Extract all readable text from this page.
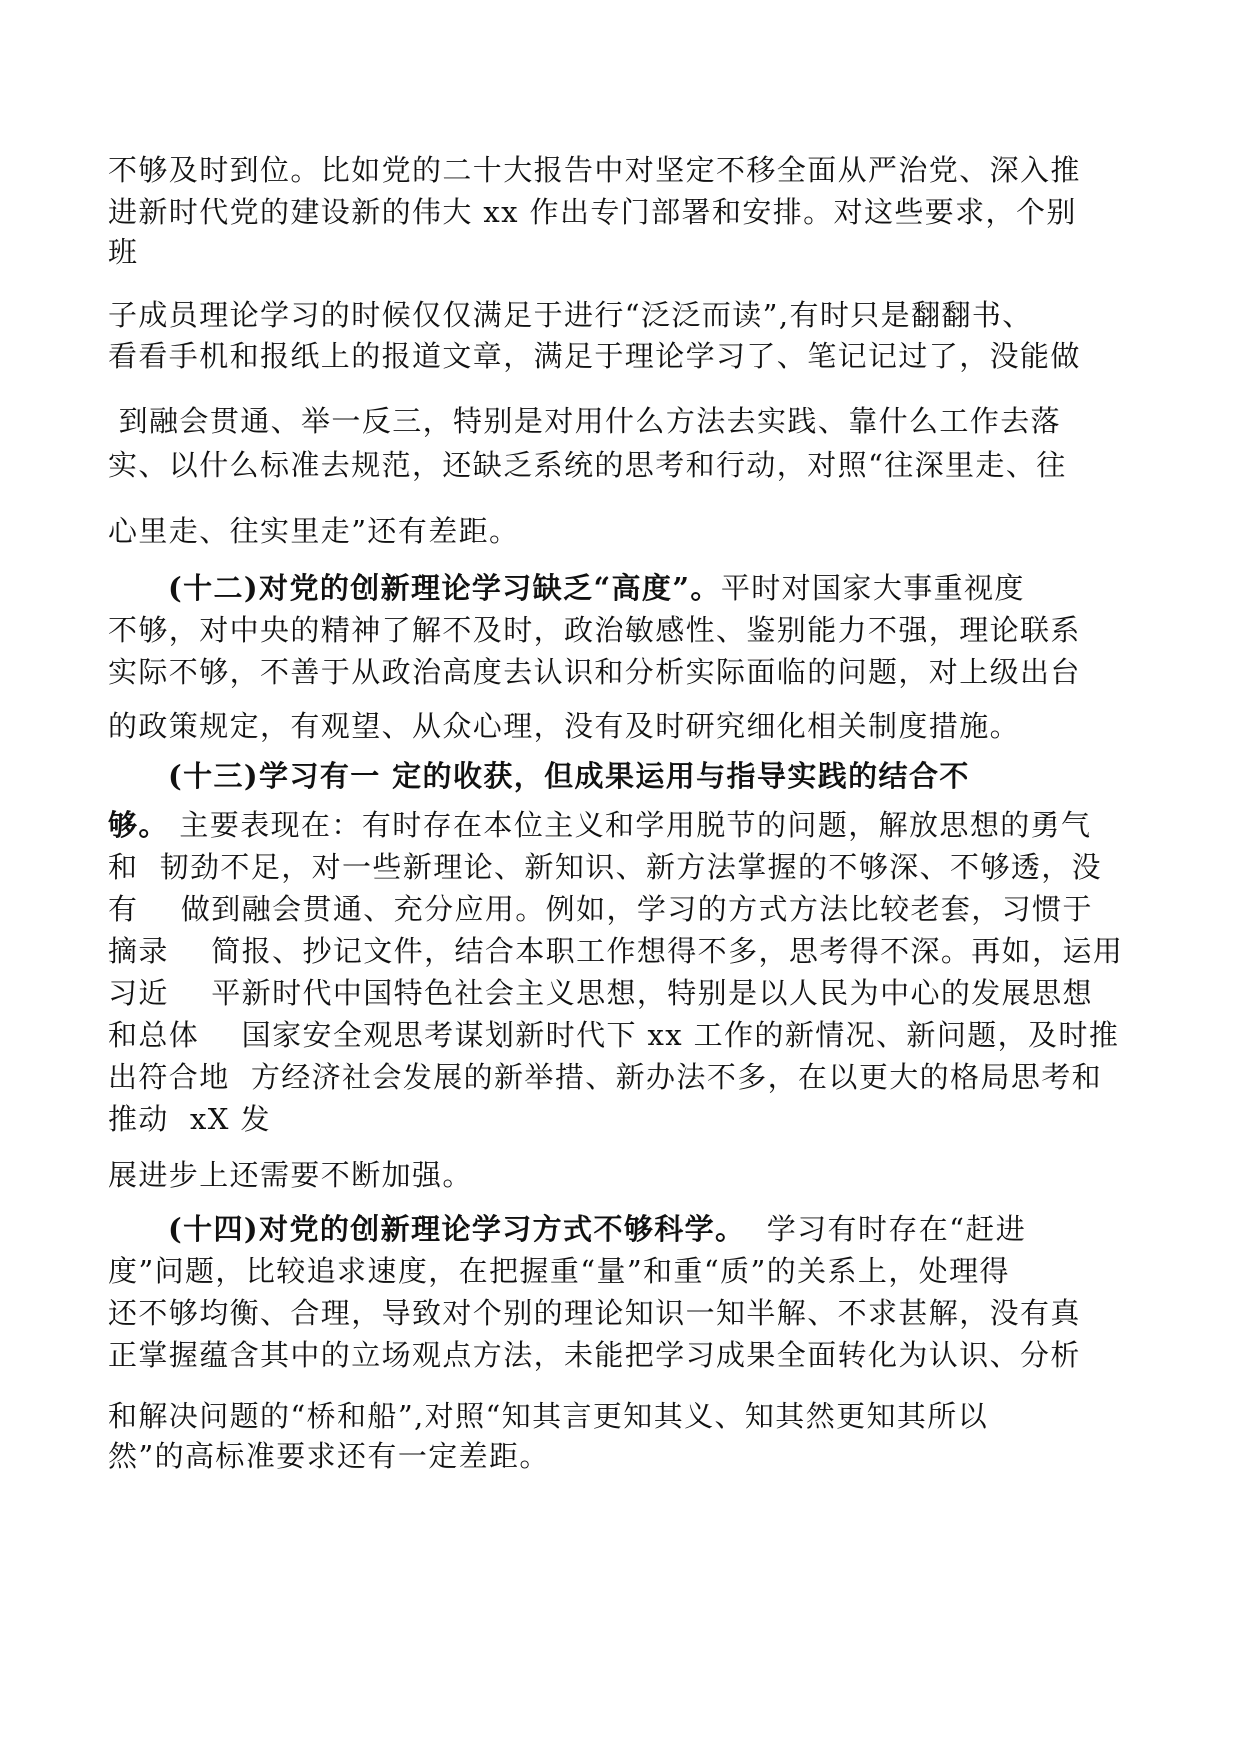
不够及时到位。比如党的二十大报告中对坚定不移全面从严治党、深入推
进新时代党的建设新的伟大 xx 作出专门部署和安排。对这些要求，个别
班
子成员理论学习的时候仅仅满足于进行“泛泛而读”,有时只是翻翻书、
看看手机和报纸上的报道文章，满足于理论学习了、笔记记过了，没能做
到融会贯通、举一反三，特别是对用什么方法去实践、靠什么工作去落
实、以什么标准去规范，还缺乏系统的思考和行动，对照“往深里走、往
心里走、往实里走”还有差距。
(十二)对党的创新理论学习缺乏“高度”。平时对国家大事重视度
不够，对中央的精神了解不及时，政治敏感性、鉴别能力不强，理论联系
实际不够，不善于从政治高度去认识和分析实际面临的问题，对上级出台
的政策规定，有观望、从众心理，没有及时研究细化相关制度措施。
(十三)学习有一 定的收获，但成果运用与指导实践的结合不
够。 主要表现在：有时存在本位主义和学用脱节的问题，解放思想的勇气
和  韧劲不足，对一些新理论、新知识、新方法掌握的不够深、不够透，没
有    做到融会贯通、充分应用。例如，学习的方式方法比较老套，习惯于
摘录    简报、抄记文件，结合本职工作想得不多，思考得不深。再如，运用
习近    平新时代中国特色社会主义思想，特别是以人民为中心的发展思想
和总体    国家安全观思考谋划新时代下 xx 工作的新情况、新问题，及时推
出符合地  方经济社会发展的新举措、新办法不多，在以更大的格局思考和
推动  xX 发
展进步上还需要不断加强。
(十四)对党的创新理论学习方式不够科学。  学习有时存在“赶进
度”问题，比较追求速度，在把握重“量”和重“质”的关系上，处理得
还不够均衡、合理，导致对个别的理论知识一知半解、不求甚解，没有真
正掌握蕴含其中的立场观点方法，未能把学习成果全面转化为认识、分析
和解决问题的“桥和船”,对照“知其言更知其义、知其然更知其所以
然”的高标准要求还有一定差距。
